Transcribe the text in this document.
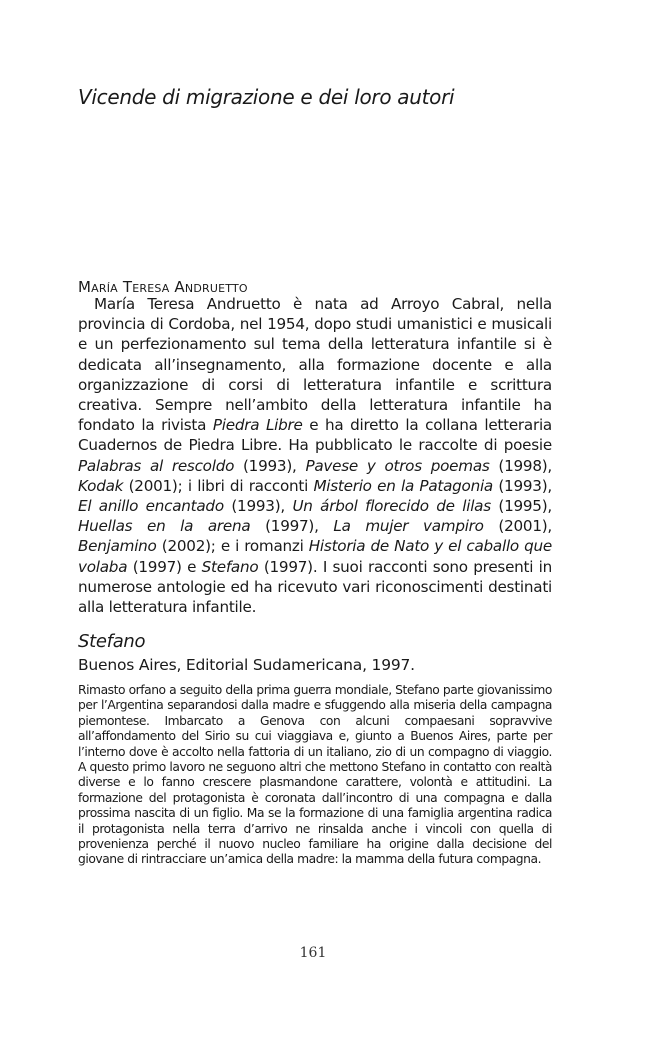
Vicende di migrazione e dei loro autori
María Teresa Andruetto

María Teresa Andruetto è nata ad Arroyo Cabral, nella provincia di Cordoba, nel 1954, dopo studi umanistici e musicali e un perfezionamento sul tema della letteratura infantile si è dedicata all’insegnamento, alla formazione docente e alla organizzazione di corsi di letteratura infantile e scrittura creativa. Sempre nell’ambito della letteratura infantile ha fondato la rivista Piedra Libre e ha diretto la collana letteraria Cuadernos de Piedra Libre. Ha pubblicato le raccolte di poesie Palabras al rescoldo (1993), Pavese y otros poemas (1998), Kodak (2001); i libri di racconti Misterio en la Patagonia (1993), El anillo encantado (1993), Un árbol florecido de lilas (1995), Huellas en la arena (1997), La mujer vampiro (2001), Benjamino (2002); e i romanzi Historia de Nato y el caballo que volaba (1997) e Stefano (1997). I suoi racconti sono presenti in numerose antologie ed ha ricevuto vari riconoscimenti destinati alla letteratura infantile.

Stefano
Buenos Aires, Editorial Sudamericana, 1997.

Rimasto orfano a seguito della prima guerra mondiale, Stefano parte giovanissimo per l’Argentina separandosi dalla madre e sfuggendo alla miseria della campagna piemontese. Imbarcato a Genova con alcuni compaesani sopravvive all’affondamento del Sirio su cui viaggiava e, giunto a Buenos Aires, parte per l’interno dove è accolto nella fattoria di un italiano, zio di un compagno di viaggio. A questo primo lavoro ne seguono altri che mettono Stefano in contatto con realtà diverse e lo fanno crescere plasmandone carattere, volontà e attitudini. La formazione del protagonista è coronata dall’incontro di una compagna e dalla prossima nascita di un figlio. Ma se la formazione di una famiglia argentina radica il protagonista nella terra d’arrivo ne rinsalda anche i vincoli con quella di provenienza perché il nuovo nucleo familiare ha origine dalla decisione del giovane di rintracciare un’amica della madre: la mamma della futura compagna.

161
